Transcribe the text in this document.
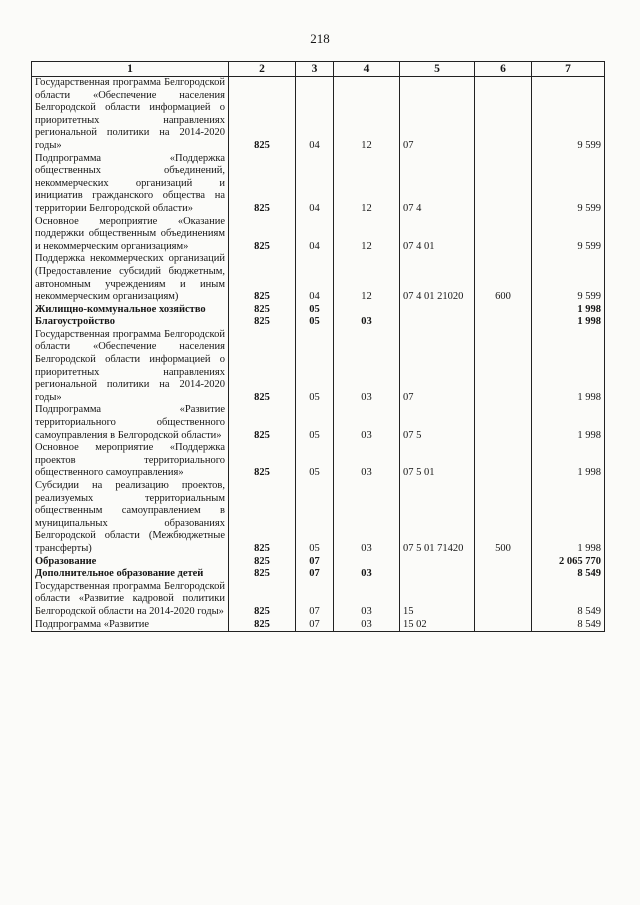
218
1	2	3	4	5	6	7
Государственная программа Белгородской области «Обеспечение населения Белгородской области информацией о приоритетных направлениях региональной политики на 2014-2020 годы»	825	04	12	07		9 599
Подпрограмма «Поддержка общественных объединений, некоммерческих организаций и инициатив гражданского общества на территории Белгородской области»	825	04	12	07 4		9 599
Основное мероприятие «Оказание поддержки общественным объединениям и некоммерческим организациям»	825	04	12	07 4 01		9 599
Поддержка некоммерческих организаций (Предоставление субсидий бюджетным, автономным учреждениям и иным некоммерческим организациям)	825	04	12	07 4 01 21020	600	9 599
Жилищно-коммунальное хозяйство	825	05				1 998
Благоустройство	825	05	03			1 998
Государственная программа Белгородской области «Обеспечение населения Белгородской области информацией о приоритетных направлениях региональной политики на 2014-2020 годы»	825	05	03	07		1 998
Подпрограмма «Развитие территориального общественного самоуправления в Белгородской области»	825	05	03	07 5		1 998
Основное мероприятие «Поддержка проектов территориального общественного самоуправления»	825	05	03	07 5 01		1 998
Субсидии на реализацию проектов, реализуемых территориальным общественным самоуправлением в муниципальных образованиях Белгородской области (Межбюджетные трансферты)	825	05	03	07 5 01 71420	500	1 998
Образование	825	07				2 065 770
Дополнительное образование детей	825	07	03			8 549
Государственная программа Белгородской области «Развитие кадровой политики Белгородской области на 2014-2020 годы»	825	07	03	15		8 549
Подпрограмма «Развитие	825	07	03	15 02		8 549
